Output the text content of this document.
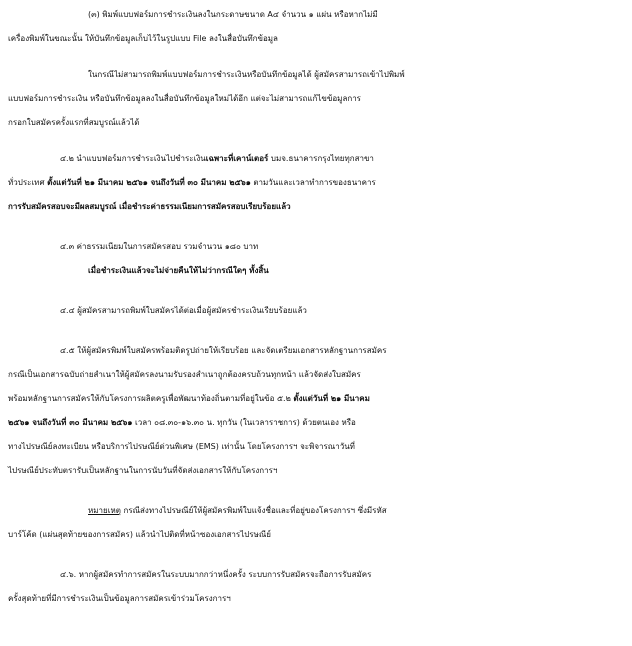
(๓) พิมพ์แบบฟอร์มการชำระเงินลงในกระดาษขนาด A๔ จำนวน ๑ แผ่น หรือหากไม่มี
เครื่องพิมพ์ในขณะนั้น ให้บันทึกข้อมูลเก็บไว้ในรูปแบบ File ลงในสื่อบันทึกข้อมูล
ในกรณีไม่สามารถพิมพ์แบบฟอร์มการชำระเงินหรือบันทึกข้อมูลได้ ผู้สมัครสามารถเข้าไปพิมพ์
แบบฟอร์มการชำระเงิน หรือบันทึกข้อมูลลงในสื่อบันทึกข้อมูลใหม่ได้อีก แต่จะไม่สามารถแก้ไขข้อมูลการ
กรอกใบสมัครครั้งแรกที่สมบูรณ์แล้วได้
๔.๒ นำแบบฟอร์มการชำระเงินไปชำระเงินเฉพาะที่เคาน์เตอร์ บมจ.ธนาคารกรุงไทยทุกสาขา
ทั่วประเทศ ตั้งแต่วันที่ ๒๑ มีนาคม ๒๕๖๑ จนถึงวันที่ ๓๐ มีนาคม ๒๕๖๑ ตามวันและเวลาทำการของธนาคาร
การรับสมัครสอบจะมีผลสมบูรณ์ เมื่อชำระค่าธรรมเนียมการสมัครสอบเรียบร้อยแล้ว
๔.๓ ค่าธรรมเนียมในการสมัครสอบ รวมจำนวน ๑๘๐ บาท
เมื่อชำระเงินแล้วจะไม่จ่ายคืนให้ไม่ว่ากรณีใดๆ ทั้งสิ้น
๔.๔ ผู้สมัครสามารถพิมพ์ใบสมัครได้ต่อเมื่อผู้สมัครชำระเงินเรียบร้อยแล้ว
๔.๕ ให้ผู้สมัครพิมพ์ใบสมัครพร้อมติดรูปถ่ายให้เรียบร้อย และจัดเตรียมเอกสารหลักฐานการสมัคร
กรณีเป็นเอกสารฉบับถ่ายสำเนาให้ผู้สมัครลงนามรับรองสำเนาถูกต้องครบถ้วนทุกหน้า แล้วจัดส่งใบสมัคร
พร้อมหลักฐานการสมัครให้กับโครงการผลิตครูเพื่อพัฒนาท้องถิ่นตามที่อยู่ในข้อ ๕.๒ ตั้งแต่วันที่ ๒๑ มีนาคม
๒๕๖๑ จนถึงวันที่ ๓๐ มีนาคม ๒๕๖๑ เวลา ๐๘.๓๐-๑๖.๓๐ น. ทุกวัน (ในเวลาราชการ) ด้วยตนเอง หรือ
ทางไปรษณีย์ลงทะเบียน หรือบริการไปรษณีย์ด่วนพิเศษ (EMS) เท่านั้น โดยโครงการฯ จะพิจารณาวันที่
ไปรษณีย์ประทับตรารับเป็นหลักฐานในการนับวันที่จัดส่งเอกสารให้กับโครงการฯ
หมายเหตุ กรณีส่งทางไปรษณีย์ให้ผู้สมัครพิมพ์ใบแจ้งชื่อและที่อยู่ของโครงการฯ ซึ่งมีรหัส
บาร์โค้ด (แผ่นสุดท้ายของการสมัคร) แล้วนำไปติดที่หน้าซองเอกสารไปรษณีย์
๔.๖. หากผู้สมัครทำการสมัครในระบบมากกว่าหนึ่งครั้ง ระบบการรับสมัครจะถือการรับสมัคร
ครั้งสุดท้ายที่มีการชำระเงินเป็นข้อมูลการสมัครเข้าร่วมโครงการฯ
